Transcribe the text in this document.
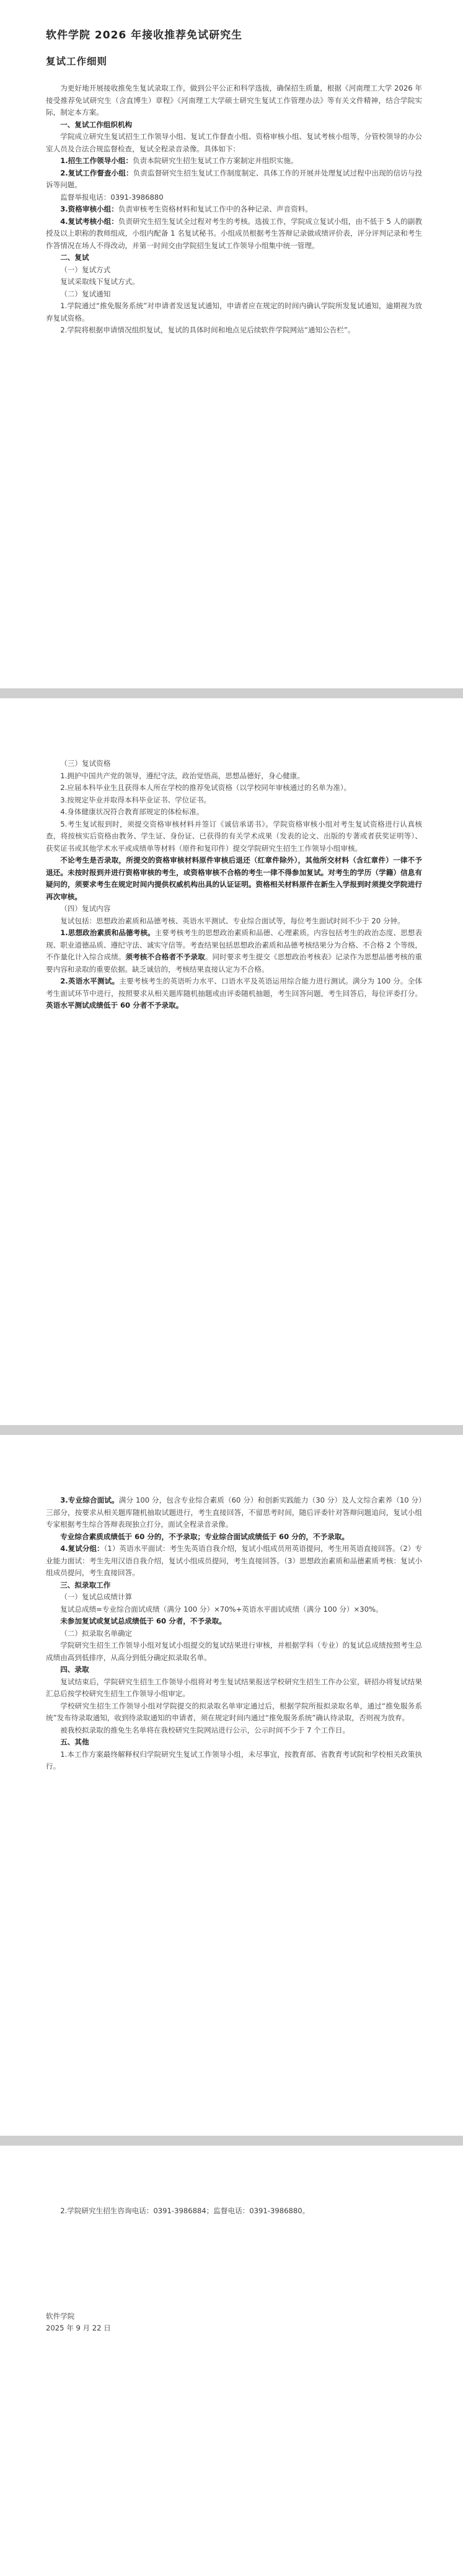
软件学院 2026 年接收推荐免试研究生

复试工作细则

为更好地开展接收推免生复试录取工作，做到公平公正和科学选拔，确保招生质量，根据《河南理工大学 2026 年接受推荐免试研究生（含直博生）章程》《河南理工大学硕士研究生复试工作管理办法》等有关文件精神，结合学院实际，制定本方案。

一、复试工作组织机构

学院成立研究生复试招生工作领导小组、复试工作督查小组、资格审核小组、复试考核小组等，分管校领导的办公室人员及合法合规监督检查，复试全程录音录像。具体如下：

1.招生工作领导小组：负责本院研究生招生复试工作方案制定并组织实施。

2.复试工作督查小组：负责监督研究生招生复试工作制度制定、具体工作的开展并处理复试过程中出现的信访与投诉等问题。

监督举报电话：0391-3986880

3.资格审核小组：负责审核考生资格材料和复试工作中的各种记录、声音资料。

4.复试考核小组：负责研究生招生复试全过程对考生的考核。选拔工作，学院成立复试小组，由不低于 5 人的副教授及以上职称的教师组成，小组内配备 1 名复试秘书。小组成员根据考生答辩记录做成绩评价表，评分评判记录和考生作答情况在场人不得改动，并第一时间交由学院招生复试工作领导小组集中统一管理。

二、复试

（一）复试方式

复试采取线下复试方式。

（二）复试通知

1.学院通过“推免服务系统”对申请者发送复试通知，申请者应在规定的时间内确认学院所发复试通知，逾期视为放弃复试资格。

2.学院将根据申请情况组织复试，复试的具体时间和地点见后续软件学院网站“通知公告栏”。

（三）复试资格

1.拥护中国共产党的领导，遵纪守法，政治觉悟高，思想品德好，身心健康。

2.应届本科毕业生且获得本人所在学校的推荐免试资格（以学校同年审核通过的名单为准）。

3.按规定毕业并取得本科毕业证书、学位证书。

4.身体健康状况符合教育部规定的体检标准。

5.考生复试报到时，须提交资格审核材料并签订《诚信承诺书》。学院资格审核小组对考生复试资格进行认真核查，将按核实后资格由教务、学生证、身份证、已获得的有关学术成果（发表的论文、出版的专著或者获奖证明等）、获奖证书或其他学术水平或成绩单等材料（原件和复印件）提交学院研究生招生工作领导小组审核。

不论考生是否录取，所提交的资格审核材料原件审核后退还（红章件除外），其他所交材料（含红章件）一律不予退还。未按时报到并进行资格审核的考生，或资格审核不合格的考生一律不得参加复试。对考生的学历（学籍）信息有疑问的，须要求考生在规定时间内提供权威机构出具的认证证明。资格相关材料原件在新生入学报到时须提交学院进行再次审核。

（四）复试内容

复试包括：思想政治素质和品德考核、英语水平测试、专业综合面试等，每位考生面试时间不少于 20 分钟。

1.思想政治素质和品德考核。主要考核考生的思想政治素质和品德、心理素质。内容包括考生的政治态度、思想表现、职业道德品质、遵纪守法、诚实守信等。考查结果包括思想政治素质和品德考核结果分为合格、不合格 2 个等级，不作量化计入综合成绩。须考核不合格者不予录取。同时要求考生提交《思想政治考核表》记录作为思想品德考核的重要内容和录取的重要依据。缺乏诚信的，考核结果直接认定为不合格。

2.英语水平测试。主要考核考生的英语听力水平、口语水平及英语运用综合能力进行测试。满分为 100 分。全体考生面试环节中进行，按照要求从相关题库随机抽题或由评委随机抽题，考生回答问题，考生回答后，每位评委打分。英语水平测试成绩低于 60 分者不予录取。

3.专业综合面试。满分 100 分，包含专业综合素质（60 分）和创新实践能力（30 分）及人文综合素养（10 分）三部分，按要求从相关题库随机抽取试题进行，考生直接回答，不留思考时间，随后评委针对答辩问题追问，复试小组专家根据考生综合答辩表现独立打分，面试全程录音录像。

专业综合素质成绩低于 60 分的，不予录取；专业综合面试成绩低于 60 分的，不予录取。

4.复试分组：（1）英语水平面试：考生先英语自我介绍，复试小组成员用英语提问，考生用英语直接回答。（2）专业能力面试：考生先用汉语自我介绍，复试小组成员提问，考生直接回答。（3）思想政治素质和品德素质考核：复试小组成员提问，考生直接回答。

三、拟录取工作

（一）复试总成绩计算

复试总成绩=专业综合面试成绩（满分 100 分）×70%+英语水平面试成绩（满分 100 分）×30%。

未参加复试或复试总成绩低于 60 分者，不予录取。

（二）拟录取名单确定

学院研究生招生工作领导小组对复试小组提交的复试结果进行审核，并根据学科（专业）的复试总成绩按照考生总成绩由高到低排序，从高分到低分确定拟录取名单。

四、录取

复试结束后，学院研究生招生工作领导小组将对考生复试结果报送学校研究生招生工作办公室，研招办将复试结果汇总后按学校研究生招生工作领导小组审定。

学校研究生招生工作领导小组对学院提交的拟录取名单审定通过后，根据学院所报拟录取名单，通过“推免服务系统”发布待录取通知，收到待录取通知的申请者，须在规定时间内通过“推免服务系统”确认待录取，否则视为放弃。

被我校拟录取的推免生名单将在我校研究生院网站进行公示，公示时间不少于 7 个工作日。

五、其他

1.本工作方案最终解释权归学院研究生复试工作领导小组，未尽事宜，按教育部、省教育考试院和学校相关政策执行。

2.学院研究生招生咨询电话：0391-3986884；监督电话：0391-3986880。

软件学院

2025 年 9 月 22 日
